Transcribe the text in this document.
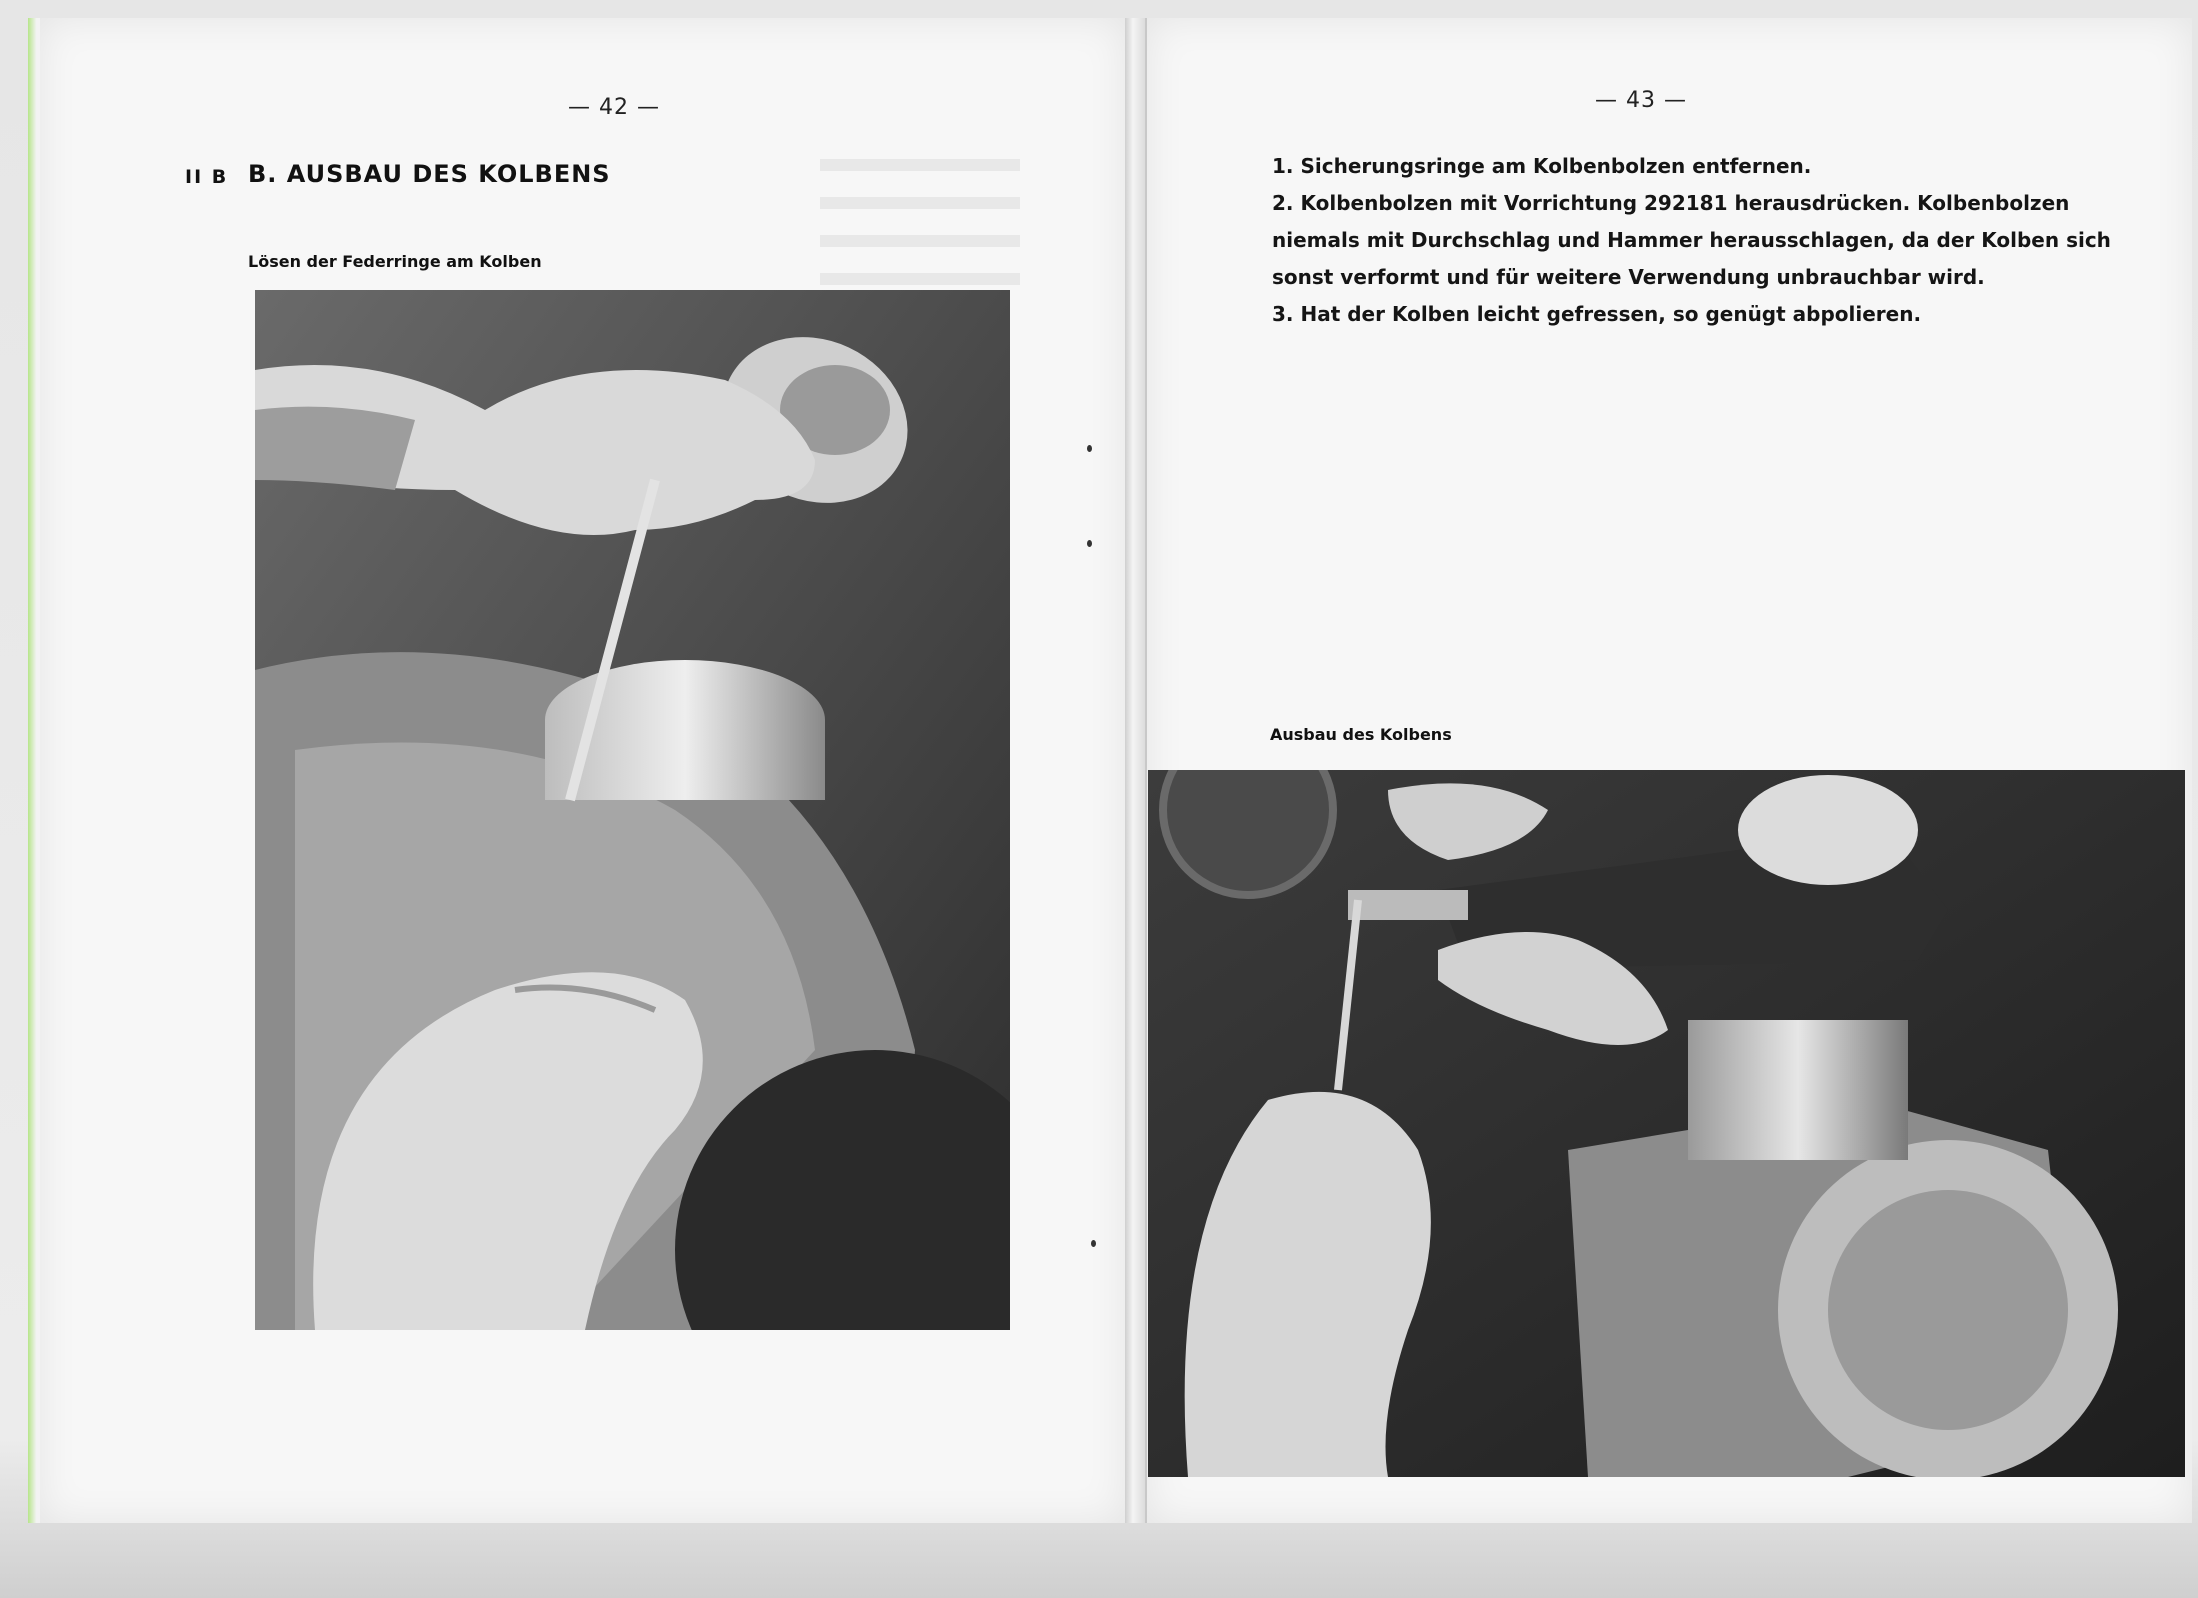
— 42 —
II B B. AUSBAU DES KOLBENS
Lösen der Federringe am Kolben
— 43 —
1. Sicherungsringe am Kolbenbolzen entfernen.
2. Kolbenbolzen mit Vorrichtung 292181 herausdrücken. Kolbenbolzen
niemals mit Durchschlag und Hammer herausschlagen, da der Kolben sich
sonst verformt und für weitere Verwendung unbrauchbar wird.
3. Hat der Kolben leicht gefressen, so genügt abpolieren.
Ausbau des Kolbens
